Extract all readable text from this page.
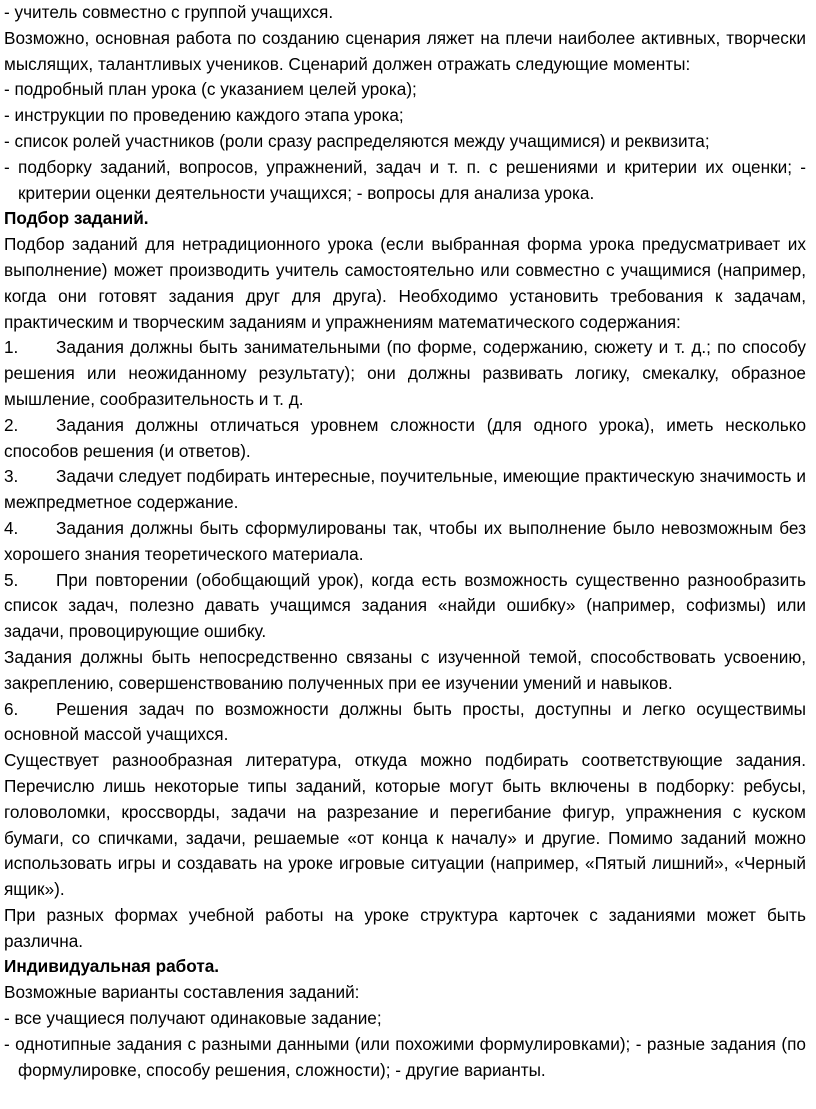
- учитель совместно с группой учащихся.

Возможно, основная работа по созданию сценария ляжет на плечи наиболее активных, творчески мыслящих, талантливых учеников. Сценарий должен отражать следующие моменты:

- подробный план урока (с указанием целей урока);

- инструкции по проведению каждого этапа урока;

- список ролей участников (роли сразу распределяются между учащимися) и реквизита;

- подборку заданий, вопросов, упражнений, задач и т. п. с решениями и критерии их оценки; - критерии оценки деятельности учащихся; - вопросы для анализа урока.

Подбор заданий.

Подбор заданий для нетрадиционного урока (если выбранная форма урока предусматривает их выполнение) может производить учитель самостоятельно или совместно с учащимися (например, когда они готовят задания друг для друга). Необходимо установить требования к задачам, практическим и творческим заданиям и упражнениям математического содержания:

1. Задания должны быть занимательными (по форме, содержанию, сюжету и т. д.; по способу решения или неожиданному результату); они должны развивать логику, смекалку, образное мышление, сообразительность и т. д.

2. Задания должны отличаться уровнем сложности (для одного урока), иметь несколько способов решения (и ответов).

3. Задачи следует подбирать интересные, поучительные, имеющие практическую значимость и межпредметное содержание.

4. Задания должны быть сформулированы так, чтобы их выполнение было невозможным без хорошего знания теоретического материала.

5. При повторении (обобщающий урок), когда есть возможность существенно разнообразить список задач, полезно давать учащимся задания «найди ошибку» (например, софизмы) или задачи, провоцирующие ошибку.

Задания должны быть непосредственно связаны с изученной темой, способствовать усвоению, закреплению, совершенствованию полученных при ее изучении умений и навыков.

6. Решения задач по возможности должны быть просты, доступны и легко осуществимы основной массой учащихся.

Существует разнообразная литература, откуда можно подбирать соответствующие задания. Перечислю лишь некоторые типы заданий, которые могут быть включены в подборку: ребусы, головоломки, кроссворды, задачи на разрезание и перегибание фигур, упражнения с куском бумаги, со спичками, задачи, решаемые «от конца к началу» и другие. Помимо заданий можно использовать игры и создавать на уроке игровые ситуации (например, «Пятый лишний», «Черный ящик»).

При разных формах учебной работы на уроке структура карточек с заданиями может быть различна.

Индивидуальная работа.

Возможные варианты составления заданий:

- все учащиеся получают одинаковые задание;

- однотипные задания с разными данными (или похожими формулировками); - разные задания (по формулировке, способу решения, сложности); - другие варианты.
